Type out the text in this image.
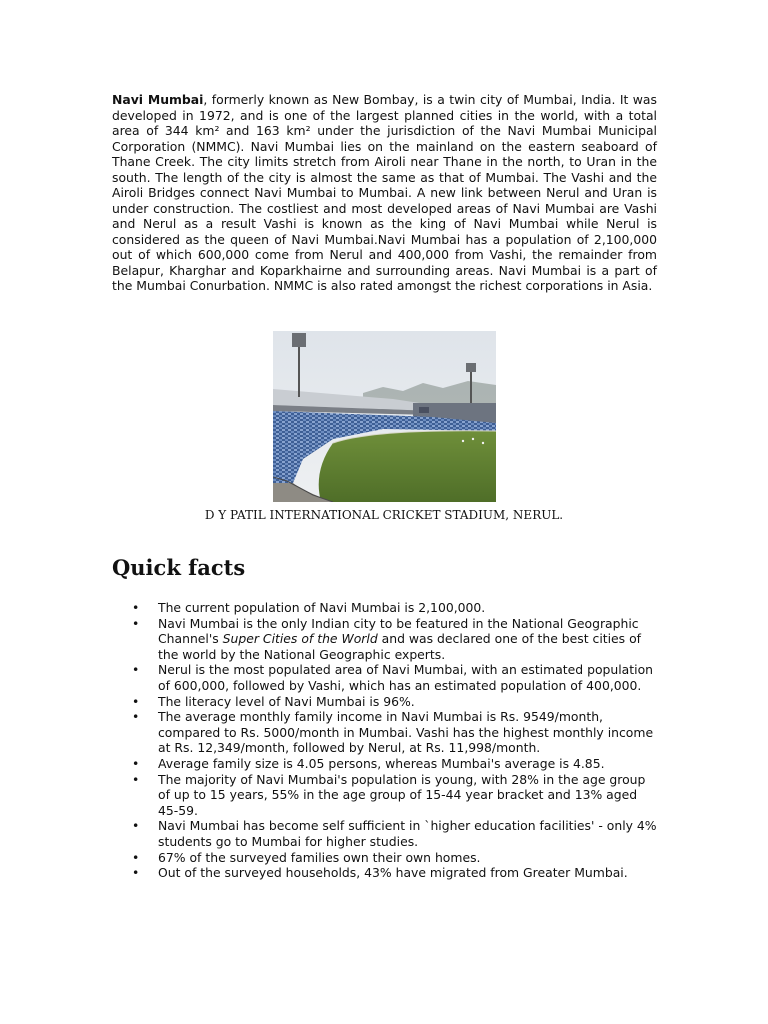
Navi Mumbai, formerly known as New Bombay, is a twin city of Mumbai, India. It was developed in 1972, and is one of the largest planned cities in the world, with a total area of 344 km² and 163 km² under the jurisdiction of the Navi Mumbai Municipal Corporation (NMMC). Navi Mumbai lies on the mainland on the eastern seaboard of Thane Creek. The city limits stretch from Airoli near Thane in the north, to Uran in the south. The length of the city is almost the same as that of Mumbai. The Vashi and the Airoli Bridges connect Navi Mumbai to Mumbai. A new link between Nerul and Uran is under construction. The costliest and most developed areas of Navi Mumbai are Vashi and Nerul as a result Vashi is known as the king of Navi Mumbai while Nerul is considered as the queen of Navi Mumbai.Navi Mumbai has a population of 2,100,000 out of which 600,000 come from Nerul and 400,000 from Vashi, the remainder from Belapur, Kharghar and Koparkhairne and surrounding areas. Navi Mumbai is a part of the Mumbai Conurbation. NMMC is also rated amongst the richest corporations in Asia.

D Y PATIL INTERNATIONAL CRICKET STADIUM, NERUL.
Quick facts
• The current population of Navi Mumbai is 2,100,000.
• Navi Mumbai is the only Indian city to be featured in the National Geographic Channel's Super Cities of the World and was declared one of the best cities of the world by the National Geographic experts.
• Nerul is the most populated area of Navi Mumbai, with an estimated population of 600,000, followed by Vashi, which has an estimated population of 400,000.
• The literacy level of Navi Mumbai is 96%.
• The average monthly family income in Navi Mumbai is Rs. 9549/month, compared to Rs. 5000/month in Mumbai. Vashi has the highest monthly income at Rs. 12,349/month, followed by Nerul, at Rs. 11,998/month.
• Average family size is 4.05 persons, whereas Mumbai's average is 4.85.
• The majority of Navi Mumbai's population is young, with 28% in the age group of up to 15 years, 55% in the age group of 15-44 year bracket and 13% aged 45-59.
• Navi Mumbai has become self sufficient in `higher education facilities' - only 4% students go to Mumbai for higher studies.
• 67% of the surveyed families own their own homes.
• Out of the surveyed households, 43% have migrated from Greater Mumbai.
